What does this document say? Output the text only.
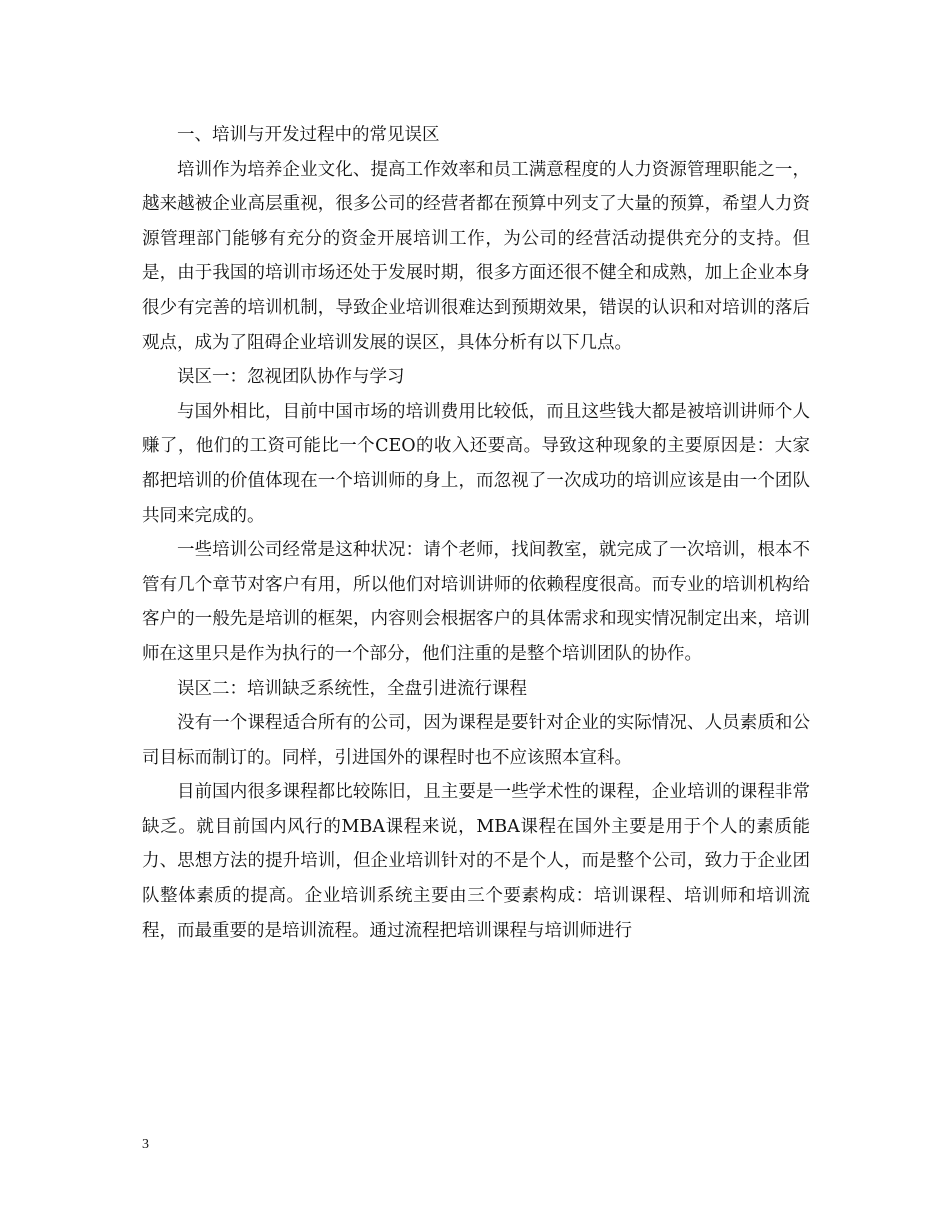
一、培训与开发过程中的常见误区

培训作为培养企业文化、提高工作效率和员工满意程度的人力资源管理职能之一，越来越被企业高层重视，很多公司的经营者都在预算中列支了大量的预算，希望人力资源管理部门能够有充分的资金开展培训工作，为公司的经营活动提供充分的支持。但是，由于我国的培训市场还处于发展时期，很多方面还很不健全和成熟，加上企业本身很少有完善的培训机制，导致企业培训很难达到预期效果，错误的认识和对培训的落后观点，成为了阻碍企业培训发展的误区，具体分析有以下几点。

误区一：忽视团队协作与学习

与国外相比，目前中国市场的培训费用比较低，而且这些钱大都是被培训讲师个人赚了，他们的工资可能比一个CEO的收入还要高。导致这种现象的主要原因是：大家都把培训的价值体现在一个培训师的身上，而忽视了一次成功的培训应该是由一个团队共同来完成的。

一些培训公司经常是这种状况：请个老师，找间教室，就完成了一次培训，根本不管有几个章节对客户有用，所以他们对培训讲师的依赖程度很高。而专业的培训机构给客户的一般先是培训的框架，内容则会根据客户的具体需求和现实情况制定出来，培训师在这里只是作为执行的一个部分，他们注重的是整个培训团队的协作。

误区二：培训缺乏系统性，全盘引进流行课程

没有一个课程适合所有的公司，因为课程是要针对企业的实际情况、人员素质和公司目标而制订的。同样，引进国外的课程时也不应该照本宣科。

目前国内很多课程都比较陈旧，且主要是一些学术性的课程，企业培训的课程非常缺乏。就目前国内风行的MBA课程来说，MBA课程在国外主要是用于个人的素质能力、思想方法的提升培训，但企业培训针对的不是个人，而是整个公司，致力于企业团队整体素质的提高。企业培训系统主要由三个要素构成：培训课程、培训师和培训流程，而最重要的是培训流程。通过流程把培训课程与培训师进行

3
